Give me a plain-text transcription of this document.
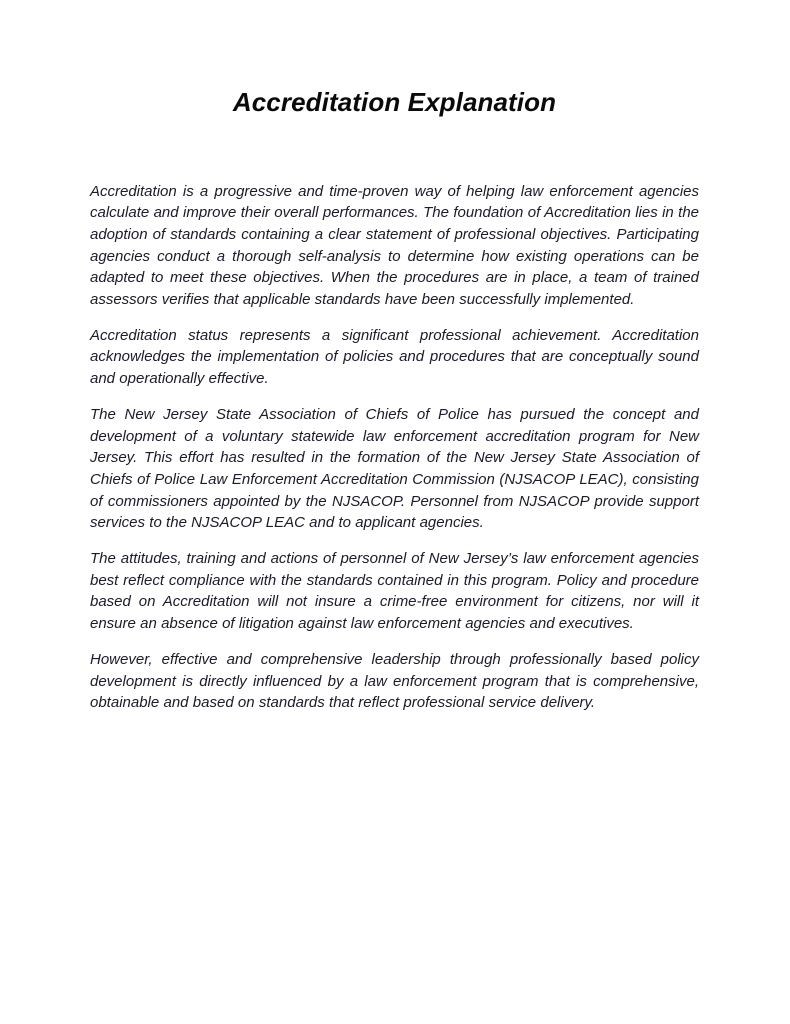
Accreditation Explanation

Accreditation is a progressive and time-proven way of helping law enforcement agencies calculate and improve their overall performances. The foundation of Accreditation lies in the adoption of standards containing a clear statement of professional objectives. Participating agencies conduct a thorough self-analysis to determine how existing operations can be adapted to meet these objectives. When the procedures are in place, a team of trained assessors verifies that applicable standards have been successfully implemented.

Accreditation status represents a significant professional achievement. Accreditation acknowledges the implementation of policies and procedures that are conceptually sound and operationally effective.

The New Jersey State Association of Chiefs of Police has pursued the concept and development of a voluntary statewide law enforcement accreditation program for New Jersey. This effort has resulted in the formation of the New Jersey State Association of Chiefs of Police Law Enforcement Accreditation Commission (NJSACOP LEAC), consisting of commissioners appointed by the NJSACOP. Personnel from NJSACOP provide support services to the NJSACOP LEAC and to applicant agencies.

The attitudes, training and actions of personnel of New Jersey’s law enforcement agencies best reflect compliance with the standards contained in this program. Policy and procedure based on Accreditation will not insure a crime-free environment for citizens, nor will it ensure an absence of litigation against law enforcement agencies and executives.

However, effective and comprehensive leadership through professionally based policy development is directly influenced by a law enforcement program that is comprehensive, obtainable and based on standards that reflect professional service delivery.
